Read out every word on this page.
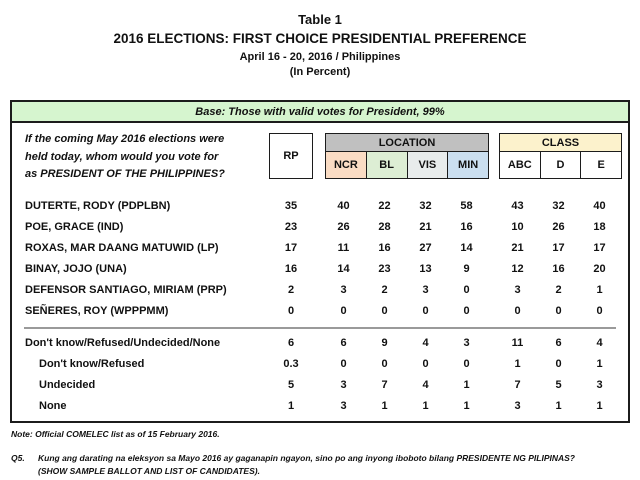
Table 1
2016 ELECTIONS: FIRST CHOICE PRESIDENTIAL PREFERENCE
April 16 - 20, 2016 / Philippines
(In Percent)
Base: Those with valid votes for President, 99%
If the coming May 2016 elections were
held today, whom would you vote for
as PRESIDENT OF THE PHILIPPINES?
RP
LOCATION
NCR	BL	VIS	MIN
CLASS
ABC	D	E
DUTERTE, RODY (PDPLBN)	35	40	22	32	58	43	32	40
POE, GRACE (IND)	23	26	28	21	16	10	26	18
ROXAS, MAR DAANG MATUWID (LP)	17	11	16	27	14	21	17	17
BINAY, JOJO (UNA)	16	14	23	13	9	12	16	20
DEFENSOR SANTIAGO, MIRIAM (PRP)	2	3	2	3	0	3	2	1
SEÑERES, ROY (WPPPMM)	0	0	0	0	0	0	0	0
Don't know/Refused/Undecided/None	6	6	9	4	3	11	6	4
Don't know/Refused	0.3	0	0	0	0	1	0	1
Undecided	5	3	7	4	1	7	5	3
None	1	3	1	1	1	3	1	1
Note: Official COMELEC list as of 15 February 2016.
Q5.	Kung ang darating na eleksyon sa Mayo 2016 ay gaganapin ngayon, sino po ang inyong iboboto bilang PRESIDENTE NG PILIPINAS?
(SHOW SAMPLE BALLOT AND LIST OF CANDIDATES).
